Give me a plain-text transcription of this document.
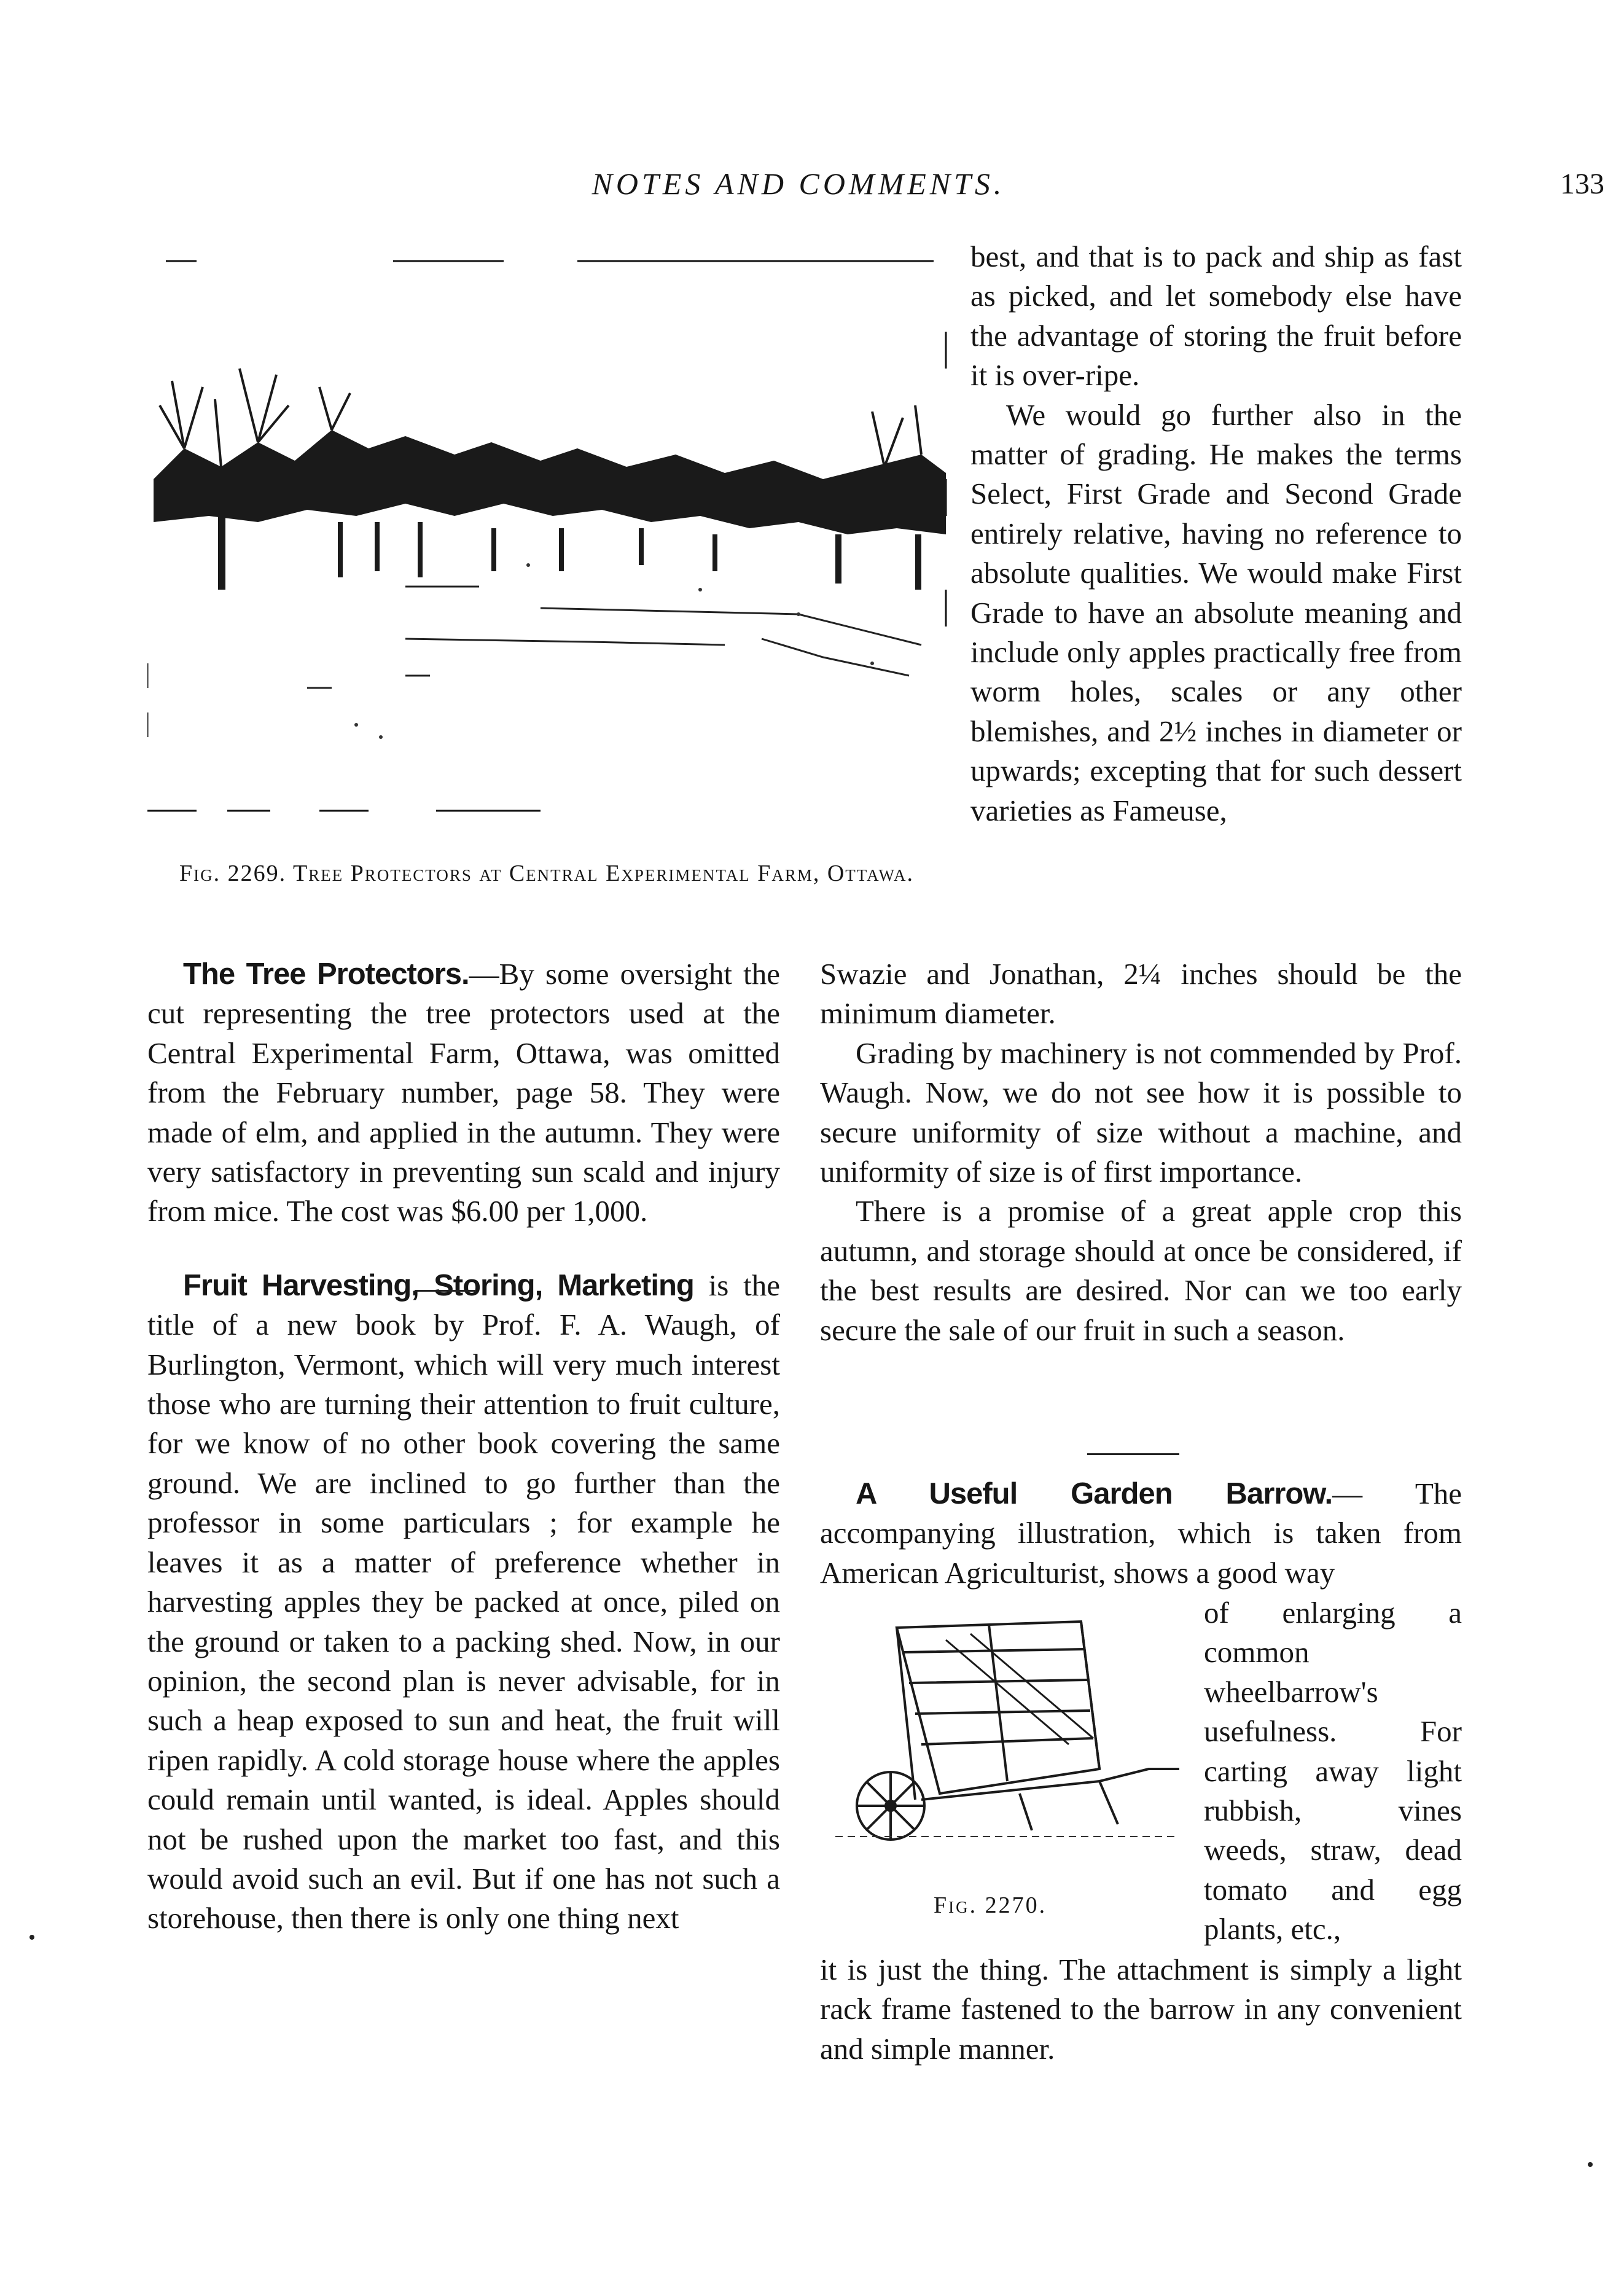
NOTES AND COMMENTS.	133
Fig. 2269. Tree Protectors at Central Experimental Farm, Ottawa.

best, and that is to pack and ship as fast as picked, and let somebody else have the advantage of storing the fruit before it is over-ripe.

We would go further also in the matter of grading. He makes the terms Select, First Grade and Second Grade entirely relative, having no reference to absolute qualities. We would make First Grade to have an absolute meaning and include only apples practically free from worm holes, scales or any other blemishes, and 2½ inches in diameter or upwards; excepting that for such dessert varieties as Fameuse,

The Tree Protectors.—By some oversight the cut representing the tree protectors used at the Central Experimental Farm, Ottawa, was omitted from the February number, page 58. They were made of elm, and applied in the autumn. They were very satisfactory in preventing sun scald and injury from mice. The cost was $6.00 per 1,000.

Fruit Harvesting, Storing, Marketing is the title of a new book by Prof. F. A. Waugh, of Burlington, Vermont, which will very much interest those who are turning their attention to fruit culture, for we know of no other book covering the same ground. We are inclined to go further than the professor in some particulars ; for example he leaves it as a matter of preference whether in harvesting apples they be packed at once, piled on the ground or taken to a packing shed. Now, in our opinion, the second plan is never advisable, for in such a heap exposed to sun and heat, the fruit will ripen rapidly. A cold storage house where the apples could remain until wanted, is ideal. Apples should not be rushed upon the market too fast, and this would avoid such an evil. But if one has not such a storehouse, then there is only one thing next

Swazie and Jonathan, 2¼ inches should be the minimum diameter.

Grading by machinery is not commended by Prof. Waugh. Now, we do not see how it is possible to secure uniformity of size without a machine, and uniformity of size is of first importance.

There is a promise of a great apple crop this autumn, and storage should at once be considered, if the best results are desired. Nor can we too early secure the sale of our fruit in such a season.

A Useful Garden Barrow.— The accompanying illustration, which is taken from American Agriculturist, shows a good way

Fig. 2270.

of enlarging a common wheelbarrow's usefulness. For carting away light rubbish, vines weeds, straw, dead tomato and egg plants, etc.,

it is just the thing. The attachment is simply a light rack frame fastened to the barrow in any convenient and simple manner.
